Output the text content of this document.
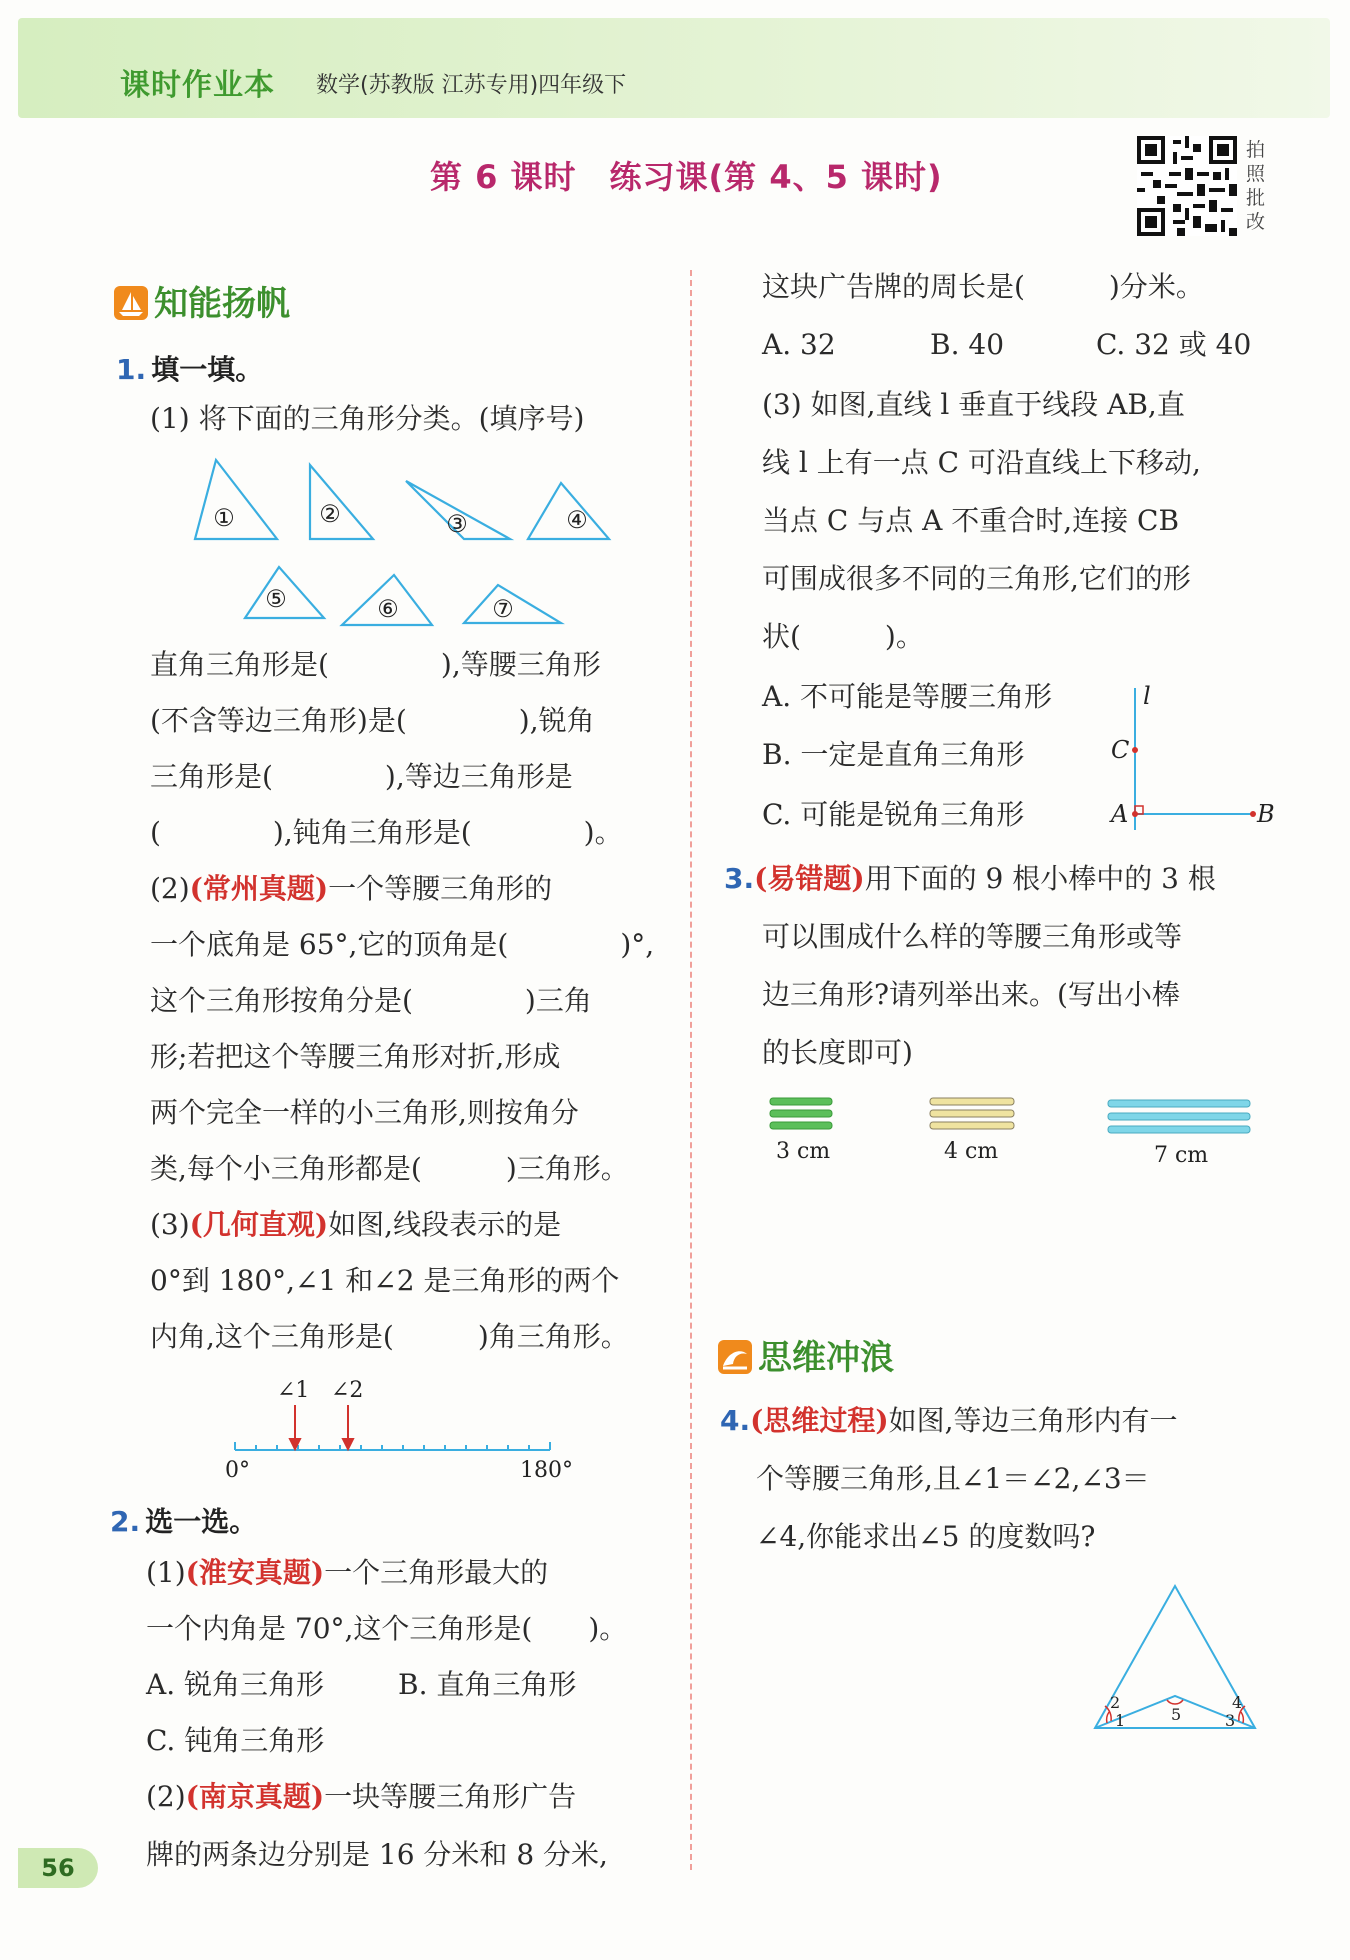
课时作业本 数学(苏教版 江苏专用)四年级下
第 6 课时　练习课(第 4、5 课时)
拍照批改
知能扬帆
1. 填一填。
(1) 将下面的三角形分类。(填序号)
①	②	③	④
⑤	⑥	⑦
直角三角形是(　　　　),等腰三角形
(不含等边三角形)是(　　　　),锐角
三角形是(　　　　),等边三角形是
(　　　　),钝角三角形是(　　　　)。
(2)(常州真题)一个等腰三角形的
一个底角是 65°,它的顶角是(　　　　)°,
这个三角形按角分是(　　　　)三角
形;若把这个等腰三角形对折,形成
两个完全一样的小三角形,则按角分
类,每个小三角形都是(　　　)三角形。
(3)(几何直观)如图,线段表示的是
0°到 180°,∠1 和∠2 是三角形的两个
内角,这个三角形是(　　　)角三角形。
∠1 ∠2
0°	180°
2. 选一选。
(1)(淮安真题)一个三角形最大的
一个内角是 70°,这个三角形是(　　)。
A. 锐角三角形	B. 直角三角形
C. 钝角三角形
(2)(南京真题)一块等腰三角形广告
牌的两条边分别是 16 分米和 8 分米,
这块广告牌的周长是(　　　)分米。
A. 32	B. 40	C. 32 或 40
(3) 如图,直线 l 垂直于线段 AB,直
线 l 上有一点 C 可沿直线上下移动,
当点 C 与点 A 不重合时,连接 CB
可围成很多不同的三角形,它们的形
状(　　　)。
A. 不可能是等腰三角形
B. 一定是直角三角形
C. 可能是锐角三角形
l
C
A	B
3.(易错题)用下面的 9 根小棒中的 3 根
可以围成什么样的等腰三角形或等
边三角形?请列举出来。(写出小棒
的长度即可)
3 cm	4 cm	7 cm
思维冲浪
4.(思维过程)如图,等边三角形内有一
个等腰三角形,且∠1＝∠2,∠3＝
∠4,你能求出∠5 的度数吗?
1
2
3
4
5
56
